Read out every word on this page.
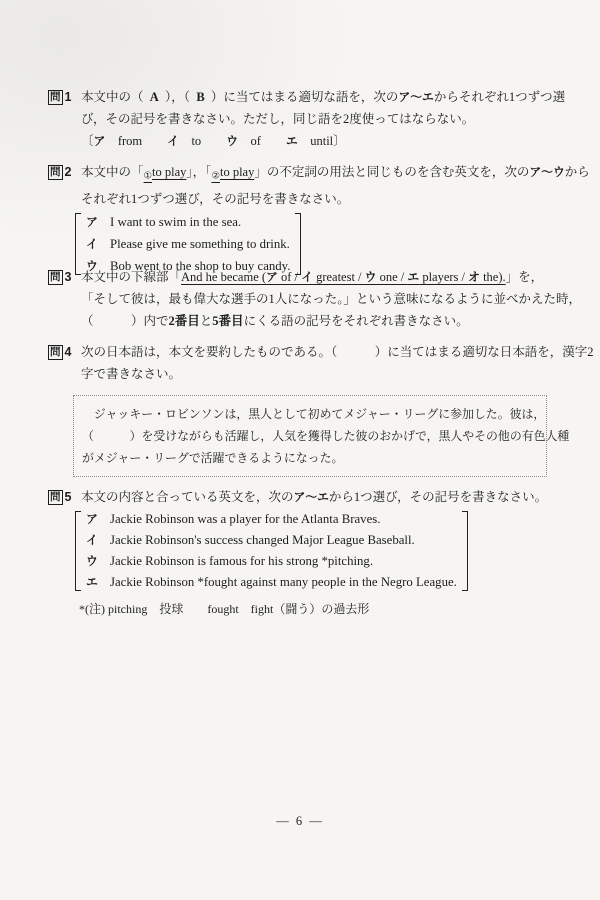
問 1 本文中の（  A  ），（  B  ）に当てはまる適切な語を，次のア～エからそれぞれ1つずつ選
び，その記号を書きなさい。ただし，同じ語を2度使ってはならない。
〔ア　from　　イ　to　　ウ　of　　エ　until〕
問 2 本文中の「$_①$to play」，「$_②$to play」の不定詞の用法と同じものを含む英文を，次のア～ウから
それぞれ1つずつ選び，その記号を書きなさい。
ア I want to swim in the sea.
イ Please give me something to drink.
ウ Bob went to the shop to buy candy.
問 3 本文中の下線部「And he became (ア of / イ greatest / ウ one / エ players / オ the).」を，
「そして彼は，最も偉大な選手の1人になった。」という意味になるように並べかえた時，
（　　　）内で2番目と5番目にくる語の記号をそれぞれ書きなさい。
問 4 次の日本語は，本文を要約したものである。（　　　）に当てはまる適切な日本語を，漢字2
字で書きなさい。
　ジャッキー・ロビンソンは，黒人として初めてメジャー・リーグに参加した。彼は，
（　　　）を受けながらも活躍し，人気を獲得した彼のおかげで，黒人やその他の有色人種
がメジャー・リーグで活躍できるようになった。
問 5 本文の内容と合っている英文を，次のア～エから1つ選び，その記号を書きなさい。
ア Jackie Robinson was a player for the Atlanta Braves.
イ Jackie Robinson's success changed Major League Baseball.
ウ Jackie Robinson is famous for his strong *pitching.
エ Jackie Robinson *fought against many people in the Negro League.
*(注) pitching　投球　　fought　fight（闘う）の過去形
— 6 —
